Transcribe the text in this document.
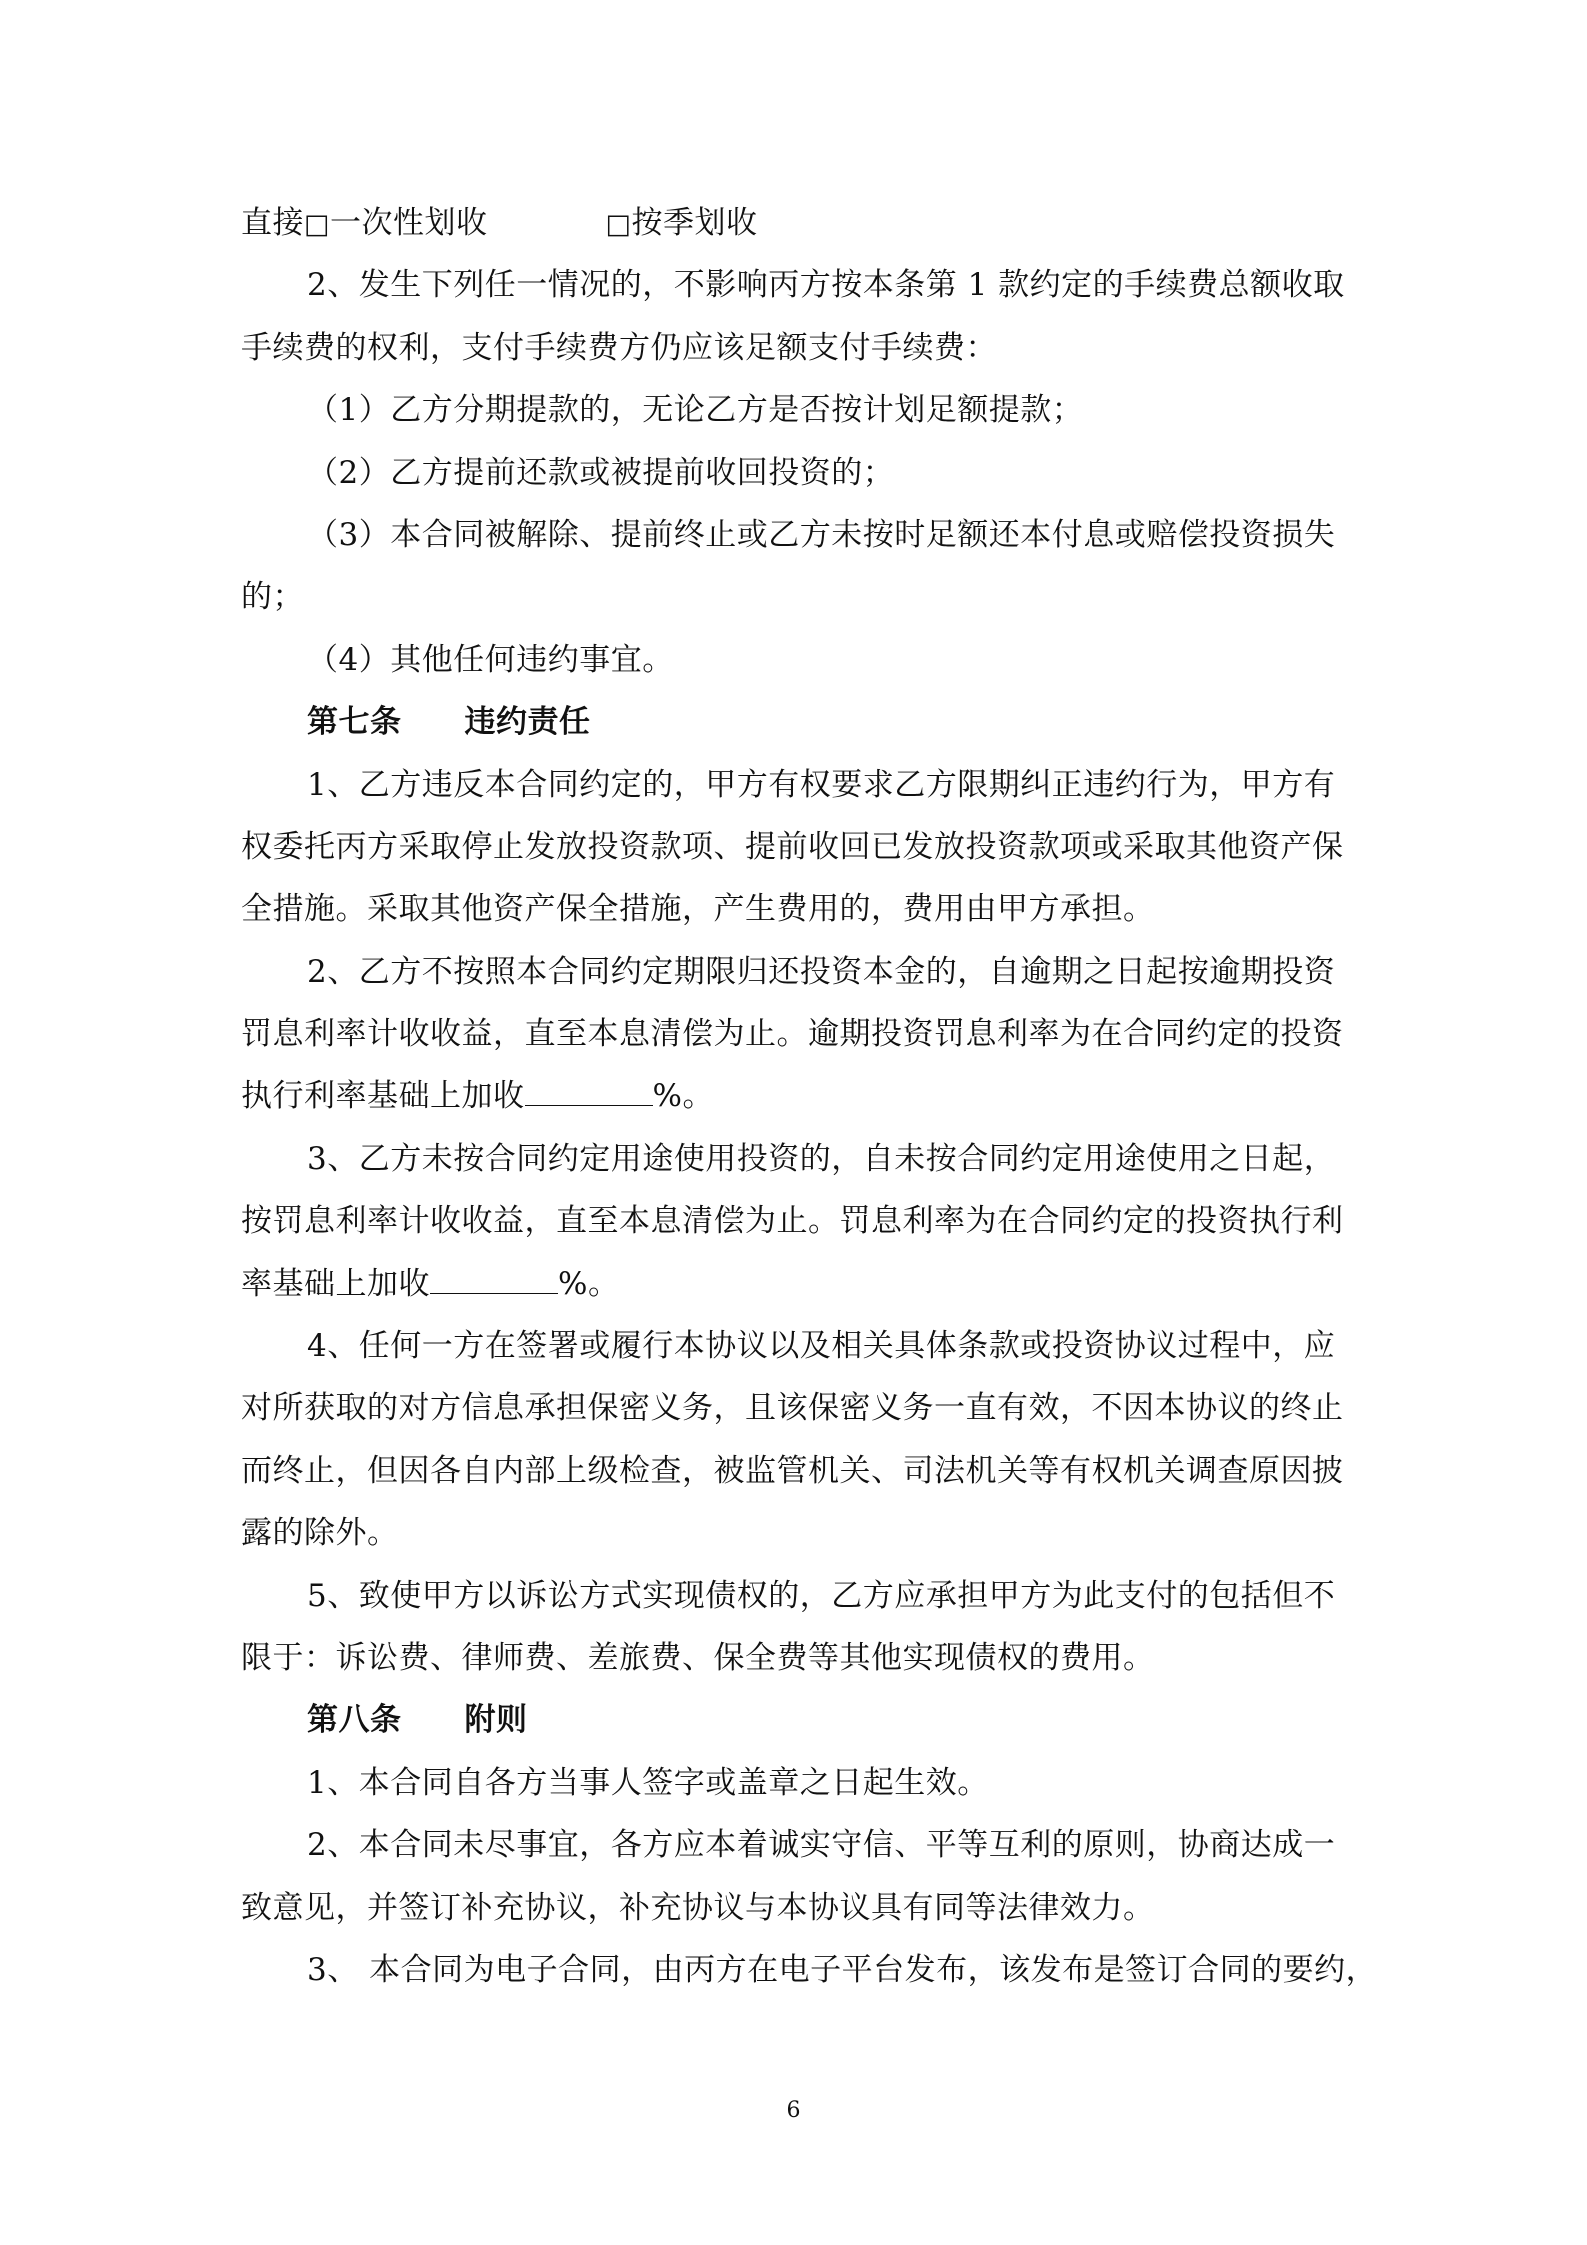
直接□一次性划收	□按季划收
2、发生下列任一情况的，不影响丙方按本条第 1 款约定的手续费总额收取
手续费的权利，支付手续费方仍应该足额支付手续费：
（1）乙方分期提款的，无论乙方是否按计划足额提款；
（2）乙方提前还款或被提前收回投资的；
（3）本合同被解除、提前终止或乙方未按时足额还本付息或赔偿投资损失
的；
（4）其他任何违约事宜。
第七条　　违约责任
1、乙方违反本合同约定的，甲方有权要求乙方限期纠正违约行为，甲方有
权委托丙方采取停止发放投资款项、提前收回已发放投资款项或采取其他资产保
全措施。采取其他资产保全措施，产生费用的，费用由甲方承担。
2、乙方不按照本合同约定期限归还投资本金的，自逾期之日起按逾期投资
罚息利率计收收益，直至本息清偿为止。逾期投资罚息利率为在合同约定的投资
执行利率基础上加收	%。
3、乙方未按合同约定用途使用投资的，自未按合同约定用途使用之日起，
按罚息利率计收收益，直至本息清偿为止。罚息利率为在合同约定的投资执行利
率基础上加收	%。
4、任何一方在签署或履行本协议以及相关具体条款或投资协议过程中，应
对所获取的对方信息承担保密义务，且该保密义务一直有效，不因本协议的终止
而终止，但因各自内部上级检查，被监管机关、司法机关等有权机关调查原因披
露的除外。
5、致使甲方以诉讼方式实现债权的，乙方应承担甲方为此支付的包括但不
限于：诉讼费、律师费、差旅费、保全费等其他实现债权的费用。
第八条　　附则
1、本合同自各方当事人签字或盖章之日起生效。
2、本合同未尽事宜，各方应本着诚实守信、平等互利的原则，协商达成一
致意见，并签订补充协议，补充协议与本协议具有同等法律效力。
3、 本合同为电子合同，由丙方在电子平台发布，该发布是签订合同的要约，
6
